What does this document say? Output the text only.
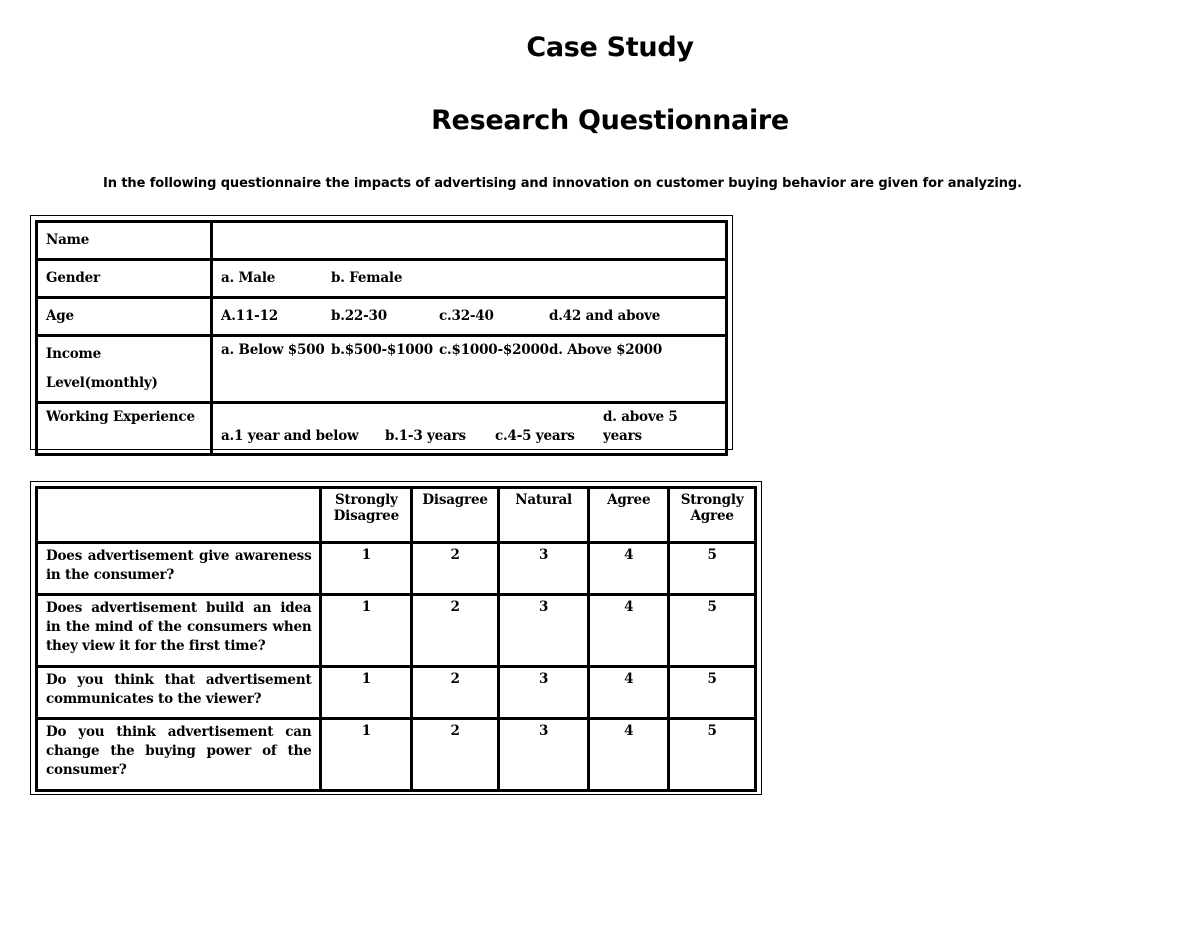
Case Study
Research Questionnaire

In the following questionnaire the impacts of advertising and innovation on customer buying behavior are given for analyzing.

Name	
Gender	a. Male b. Female
Age	A.11-12 b.22-30 c.32-40 d.42 and above
Income Level(monthly)	a. Below $500 b.$500-$1000 c.$1000-$2000d. Above $2000
Working Experience	a.1 year and below b.1-3 years c.4-5 yearsd. above 5 years
	Strongly Disagree	Disagree	Natural	Agree	Strongly Agree
Does advertisement give awareness in the consumer?	1	2	3	4	5
Does advertisement build an idea in the mind of the consumers when they view it for the first time?	1	2	3	4	5
Do you think that advertisement communicates to the viewer?	1	2	3	4	5
Do you think advertisement can change the buying power of the consumer?	1	2	3	4	5
